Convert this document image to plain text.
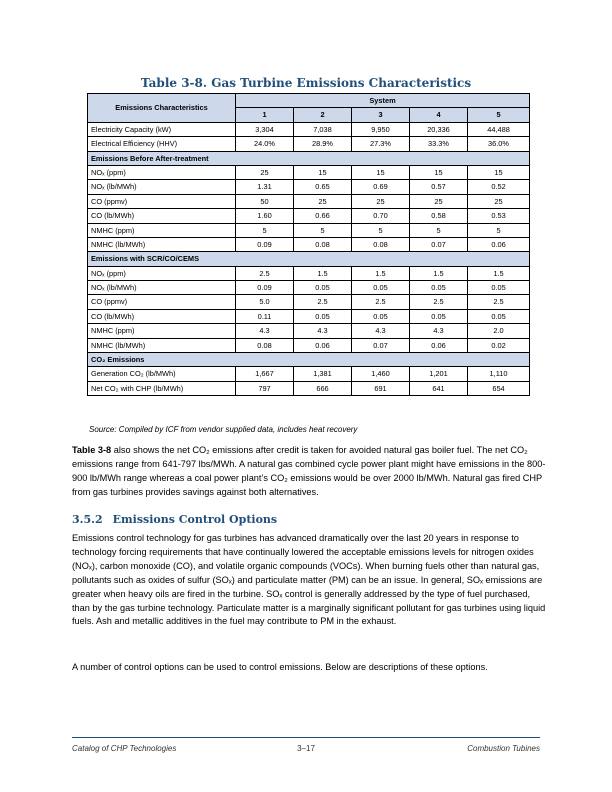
Table 3-8. Gas Turbine Emissions Characteristics
Emissions Characteristics	System				
	1	2	3	4	5
Electricity Capacity (kW)	3,304	7,038	9,950	20,336	44,488
Electrical Efficiency (HHV)	24.0%	28.9%	27.3%	33.3%	36.0%
Emissions Before After-treatment					
NOₓ (ppm)	25	15	15	15	15
NOₓ (lb/MWh)	1.31	0.65	0.69	0.57	0.52
CO (ppmv)	50	25	25	25	25
CO (lb/MWh)	1.60	0.66	0.70	0.58	0.53
NMHC (ppm)	5	5	5	5	5
NMHC (lb/MWh)	0.09	0.08	0.08	0.07	0.06
Emissions with SCR/CO/CEMS					
NOₓ (ppm)	2.5	1.5	1.5	1.5	1.5
NOₓ (lb/MWh)	0.09	0.05	0.05	0.05	0.05
CO (ppmv)	5.0	2.5	2.5	2.5	2.5
CO (lb/MWh)	0.11	0.05	0.05	0.05	0.05
NMHC (ppm)	4.3	4.3	4.3	4.3	2.0
NMHC (lb/MWh)	0.08	0.06	0.07	0.06	0.02
CO₂ Emissions					
Generation CO₂ (lb/MWh)	1,667	1,381	1,460	1,201	1,110
Net CO₂ with CHP (lb/MWh)	797	666	691	641	654
Source: Compiled by ICF from vendor supplied data, includes heat recovery
Table 3-8 also shows the net CO₂ emissions after credit is taken for avoided natural gas boiler fuel. The net CO₂ emissions range from 641-797 lbs/MWh. A natural gas combined cycle power plant might have emissions in the 800-900 lb/MWh range whereas a coal power plant’s CO₂ emissions would be over 2000 lb/MWh. Natural gas fired CHP from gas turbines provides savings against both alternatives.
3.5.2 Emissions Control Options
Emissions control technology for gas turbines has advanced dramatically over the last 20 years in response to technology forcing requirements that have continually lowered the acceptable emissions levels for nitrogen oxides (NOₓ), carbon monoxide (CO), and volatile organic compounds (VOCs). When burning fuels other than natural gas, pollutants such as oxides of sulfur (SOₓ) and particulate matter (PM) can be an issue. In general, SOₓ emissions are greater when heavy oils are fired in the turbine. SOₓ control is generally addressed by the type of fuel purchased, than by the gas turbine technology. Particulate matter is a marginally significant pollutant for gas turbines using liquid fuels. Ash and metallic additives in the fuel may contribute to PM in the exhaust.
A number of control options can be used to control emissions. Below are descriptions of these options.
Catalog of CHP Technologies	3–17	Combustion Tubines
